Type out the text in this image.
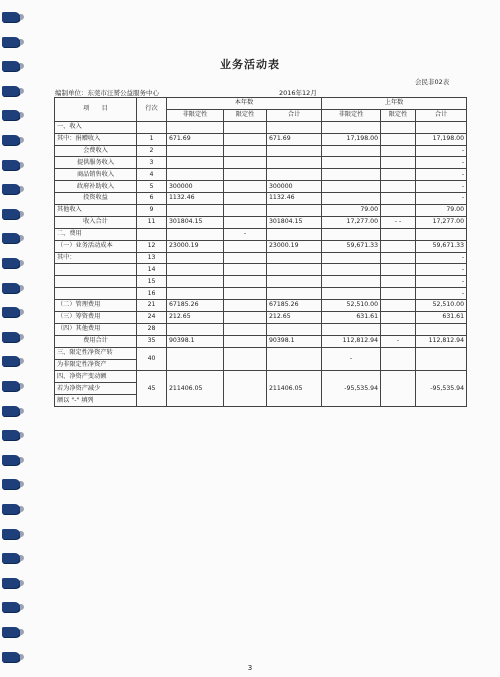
业务活动表
会民非02表
编制单位：东莞市汪赟公益服务中心	2016年12月
项　　目	行次	本年数			上年数		
		非限定性	限定性	合计	非限定性	限定性	合计
一、收入							
其中：捐赠收入	1	671.69		671.69	17,198.00		17,198.00
会费收入	2						-
提供服务收入	3						-
商品销售收入	4						-
政府补助收入	5	300000		300000			-
投资收益	6	1132.46		1132.46			-
其他收入	9				79.00		79.00
收入合计	11	301804.15		301804.15	17,277.00	- -	17,277.00
二、费用			-				
（一）业务活动成本	12	23000.19		23000.19	59,671.33		59,671.33
其中：	13						-
	14						-
	15						-
	16						-
（二）管理费用	21	67185.26		67185.26	52,510.00		52,510.00
（三）筹资费用	24	212.65		212.65	631.61		631.61
（四）其他费用	28						
费用合计	35	90398.1		90398.1	112,812.94	-	112,812.94
三、限定性净资产转	40				-		
为非限定性净资产							
四、净资产变动额	45	211406.05		211406.05	-95,535.94		-95,535.94
若为净资产减少							
额以 "-" 填列							
3
